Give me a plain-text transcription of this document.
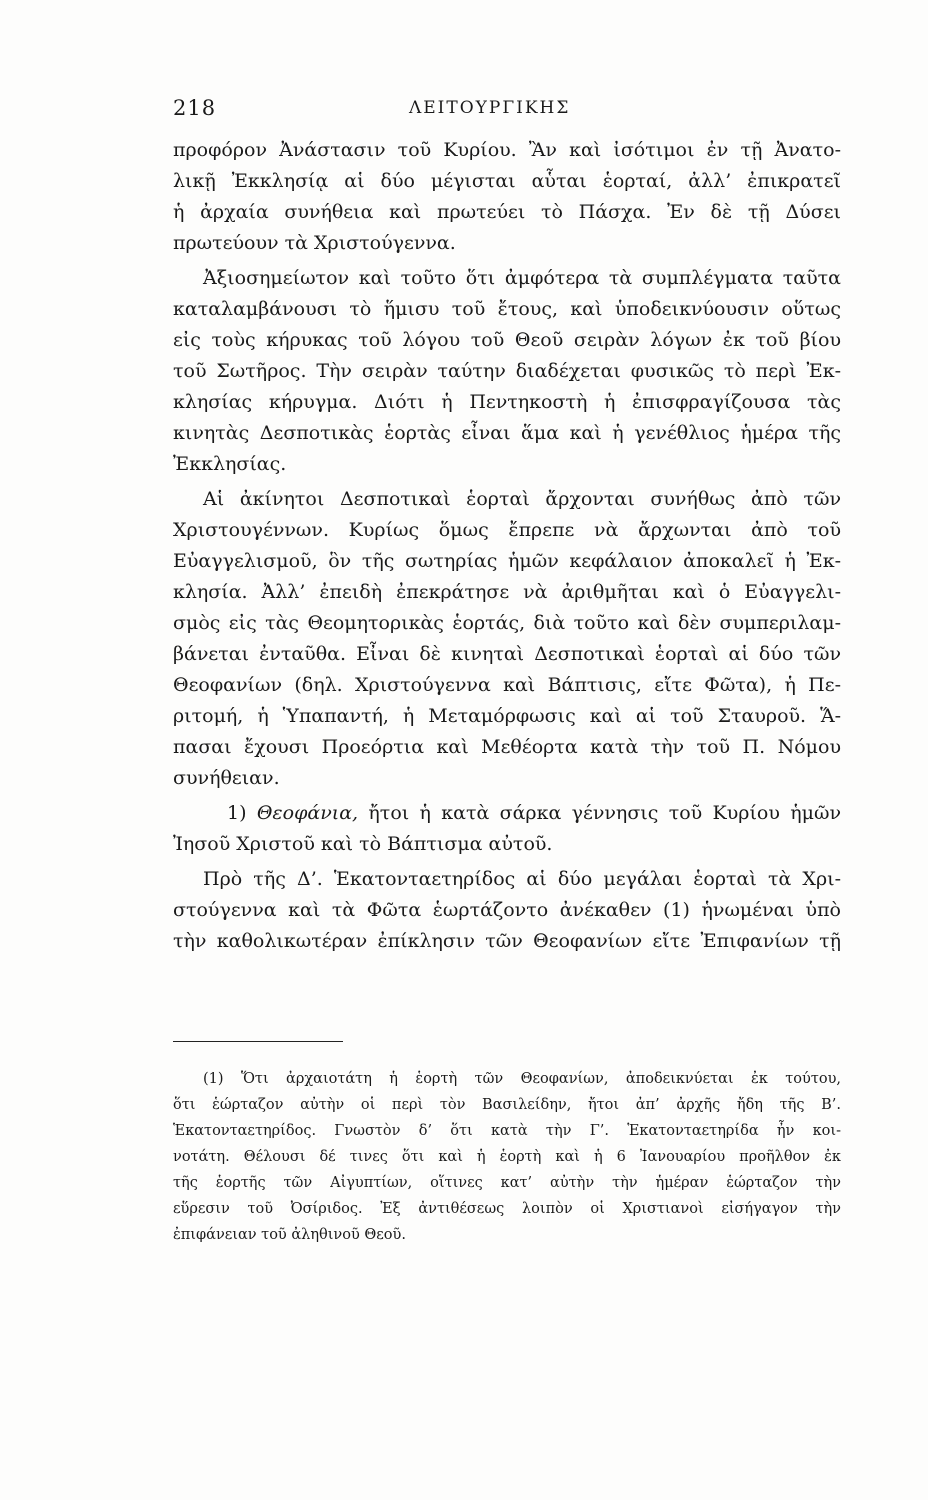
218	ΛΕΙΤΟΥΡΓΙΚΗΣ
προφόρον Ἀνάστασιν τοῦ Κυρίου. Ἂν καὶ ἰσότιμοι ἐν τῇ Ἀνατο-
λικῇ Ἐκκλησίᾳ αἱ δύο μέγισται αὗται ἑορταί, ἀλλ’ ἐπικρατεῖ
ἡ ἀρχαία συνήθεια καὶ πρωτεύει τὸ Πάσχα. Ἐν δὲ τῇ Δύσει
πρωτεύουν τὰ Χριστούγεννα.
Ἀξιοσημείωτον καὶ τοῦτο ὅτι ἀμφότερα τὰ συμπλέγματα ταῦτα
καταλαμβάνουσι τὸ ἥμισυ τοῦ ἔτους, καὶ ὑποδεικνύουσιν οὕτως
εἰς τοὺς κήρυκας τοῦ λόγου τοῦ Θεοῦ σειρὰν λόγων ἐκ τοῦ βίου
τοῦ Σωτῆρος. Τὴν σειρὰν ταύτην διαδέχεται φυσικῶς τὸ περὶ Ἐκ-
κλησίας κήρυγμα. Διότι ἡ Πεντηκοστὴ ἡ ἐπισφραγίζουσα τὰς
κινητὰς Δεσποτικὰς ἑορτὰς εἶναι ἅμα καὶ ἡ γενέθλιος ἡμέρα τῆς
Ἐκκλησίας.
Αἱ ἀκίνητοι Δεσποτικαὶ ἑορταὶ ἄρχονται συνήθως ἀπὸ τῶν
Χριστουγέννων. Κυρίως ὅμως ἔπρεπε νὰ ἄρχωνται ἀπὸ τοῦ
Εὐαγγελισμοῦ, ὃν τῆς σωτηρίας ἡμῶν κεφάλαιον ἀποκαλεῖ ἡ Ἐκ-
κλησία. Ἀλλ’ ἐπειδὴ ἐπεκράτησε νὰ ἀριθμῆται καὶ ὁ Εὐαγγελι-
σμὸς εἰς τὰς Θεομητορικὰς ἑορτάς, διὰ τοῦτο καὶ δὲν συμπεριλαμ-
βάνεται ἐνταῦθα. Εἶναι δὲ κινηταὶ Δεσποτικαὶ ἑορταὶ αἱ δύο τῶν
Θεοφανίων (δηλ. Χριστούγεννα καὶ Βάπτισις, εἴτε Φῶτα), ἡ Πε-
ριτομή, ἡ Ὑπαπαντή, ἡ Μεταμόρφωσις καὶ αἱ τοῦ Σταυροῦ. Ἅ-
πασαι ἔχουσι Προεόρτια καὶ Μεθέορτα κατὰ τὴν τοῦ Π. Νόμου
συνήθειαν.
1) Θεοφάνια, ἤτοι ἡ κατὰ σάρκα γέννησις τοῦ Κυρίου ἡμῶν
Ἰησοῦ Χριστοῦ καὶ τὸ Βάπτισμα αὐτοῦ.
Πρὸ τῆς Δ’. Ἑκατονταετηρίδος αἱ δύο μεγάλαι ἑορταὶ τὰ Χρι-
στούγεννα καὶ τὰ Φῶτα ἑωρτάζοντο ἀνέκαθεν (1) ἡνωμέναι ὑπὸ
τὴν καθολικωτέραν ἐπίκλησιν τῶν Θεοφανίων εἴτε Ἐπιφανίων τῇ
(1) Ὅτι ἀρχαιοτάτη ἡ ἑορτὴ τῶν Θεοφανίων, ἀποδεικνύεται ἐκ τούτου,
ὅτι ἑώρταζον αὐτὴν οἱ περὶ τὸν Βασιλείδην, ἤτοι ἀπ’ ἀρχῆς ἤδη τῆς Β’.
Ἑκατονταετηρίδος. Γνωστὸν δ’ ὅτι κατὰ τὴν Γ’. Ἑκατονταετηρίδα ἦν κοι-
νοτάτη. Θέλουσι δέ τινες ὅτι καὶ ἡ ἑορτὴ καὶ ἡ 6 Ἰανουαρίου προῆλθον ἐκ
τῆς ἑορτῆς τῶν Αἰγυπτίων, οἵτινες κατ’ αὐτὴν τὴν ἡμέραν ἑώρταζον τὴν
εὕρεσιν τοῦ Ὀσίριδος. Ἐξ ἀντιθέσεως λοιπὸν οἱ Χριστιανοὶ εἰσήγαγον τὴν
ἐπιφάνειαν τοῦ ἀληθινοῦ Θεοῦ.
